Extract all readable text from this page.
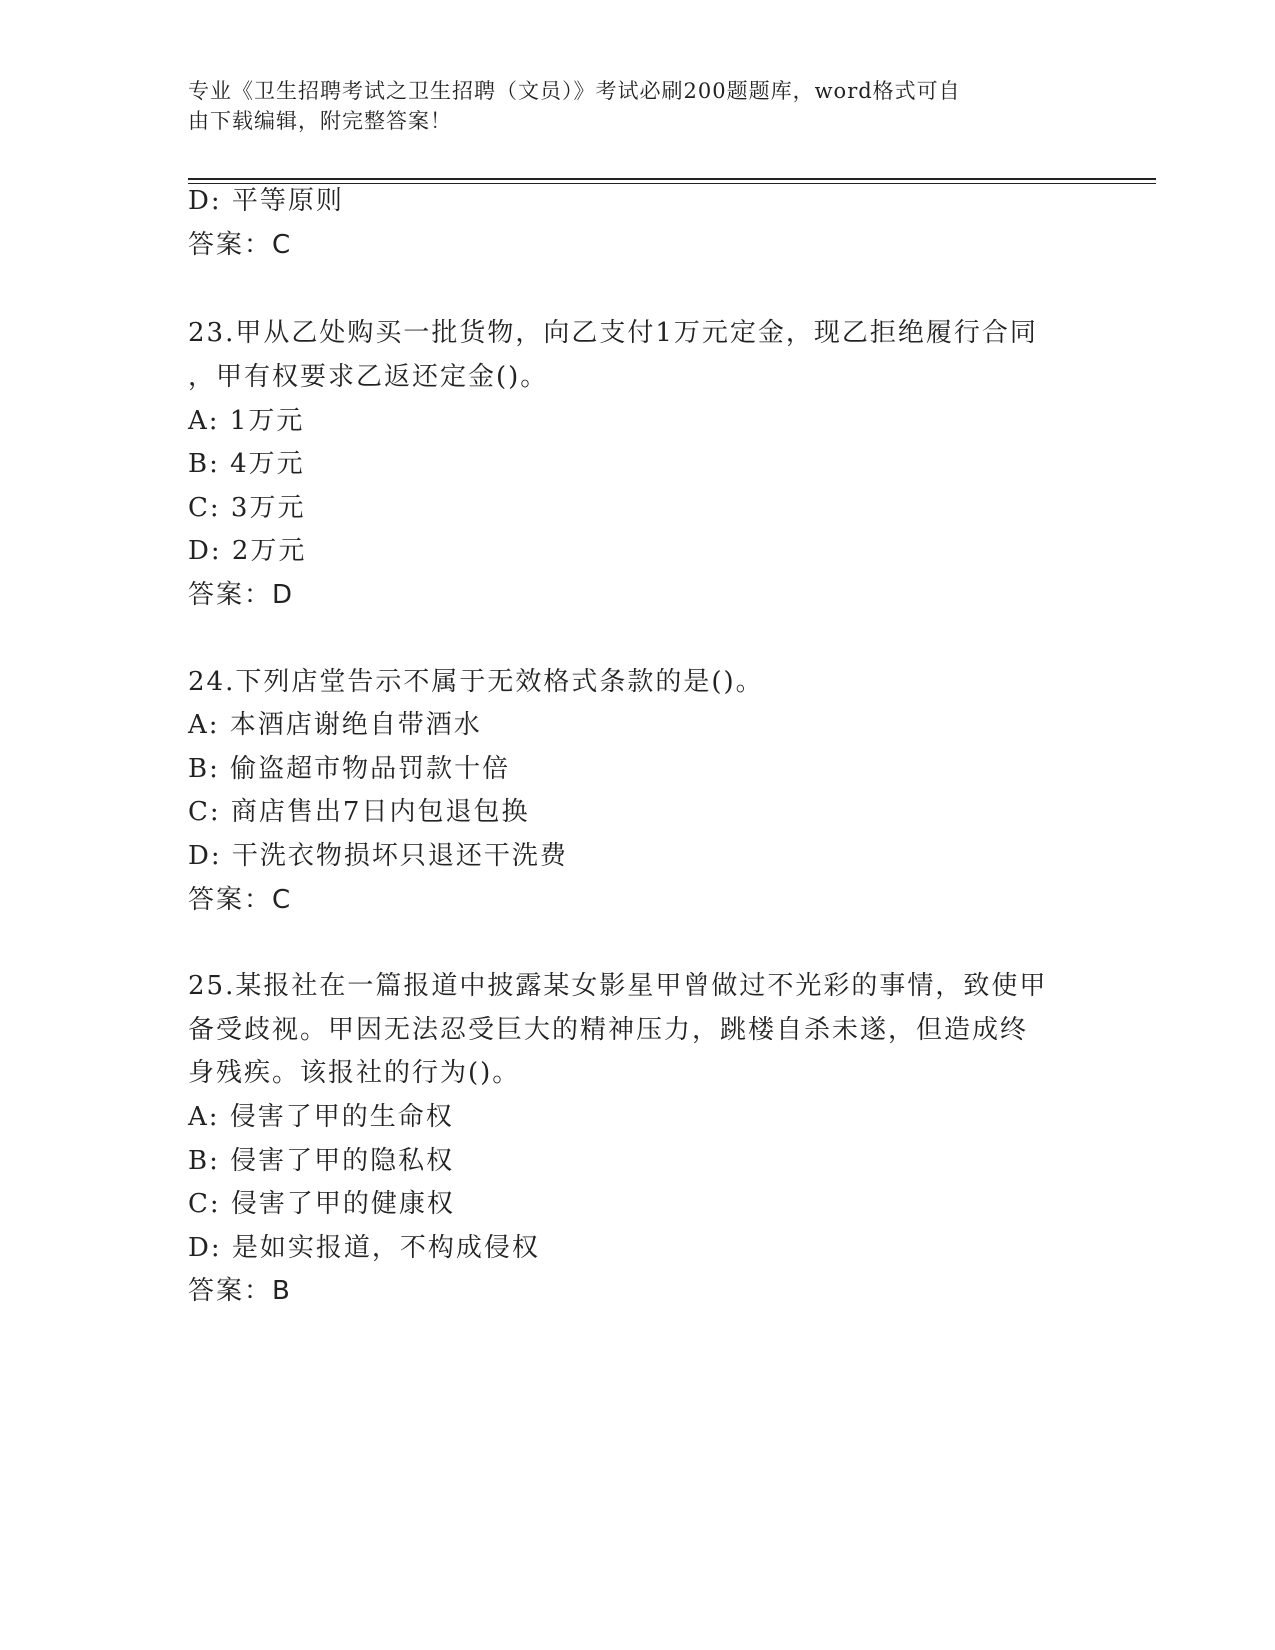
专业《卫生招聘考试之卫生招聘（文员）》考试必刷200题题库，word格式可自
由下载编辑，附完整答案！
D: 平等原则
答案：C
23.甲从乙处购买一批货物，向乙支付1万元定金，现乙拒绝履行合同
，甲有权要求乙返还定金()。
A: 1万元
B: 4万元
C: 3万元
D: 2万元
答案：D
24.下列店堂告示不属于无效格式条款的是()。
A: 本酒店谢绝自带酒水
B: 偷盗超市物品罚款十倍
C: 商店售出7日内包退包换
D: 干洗衣物损坏只退还干洗费
答案：C
25.某报社在一篇报道中披露某女影星甲曾做过不光彩的事情，致使甲
备受歧视。甲因无法忍受巨大的精神压力，跳楼自杀未遂，但造成终
身残疾。该报社的行为()。
A: 侵害了甲的生命权
B: 侵害了甲的隐私权
C: 侵害了甲的健康权
D: 是如实报道，不构成侵权
答案：B
